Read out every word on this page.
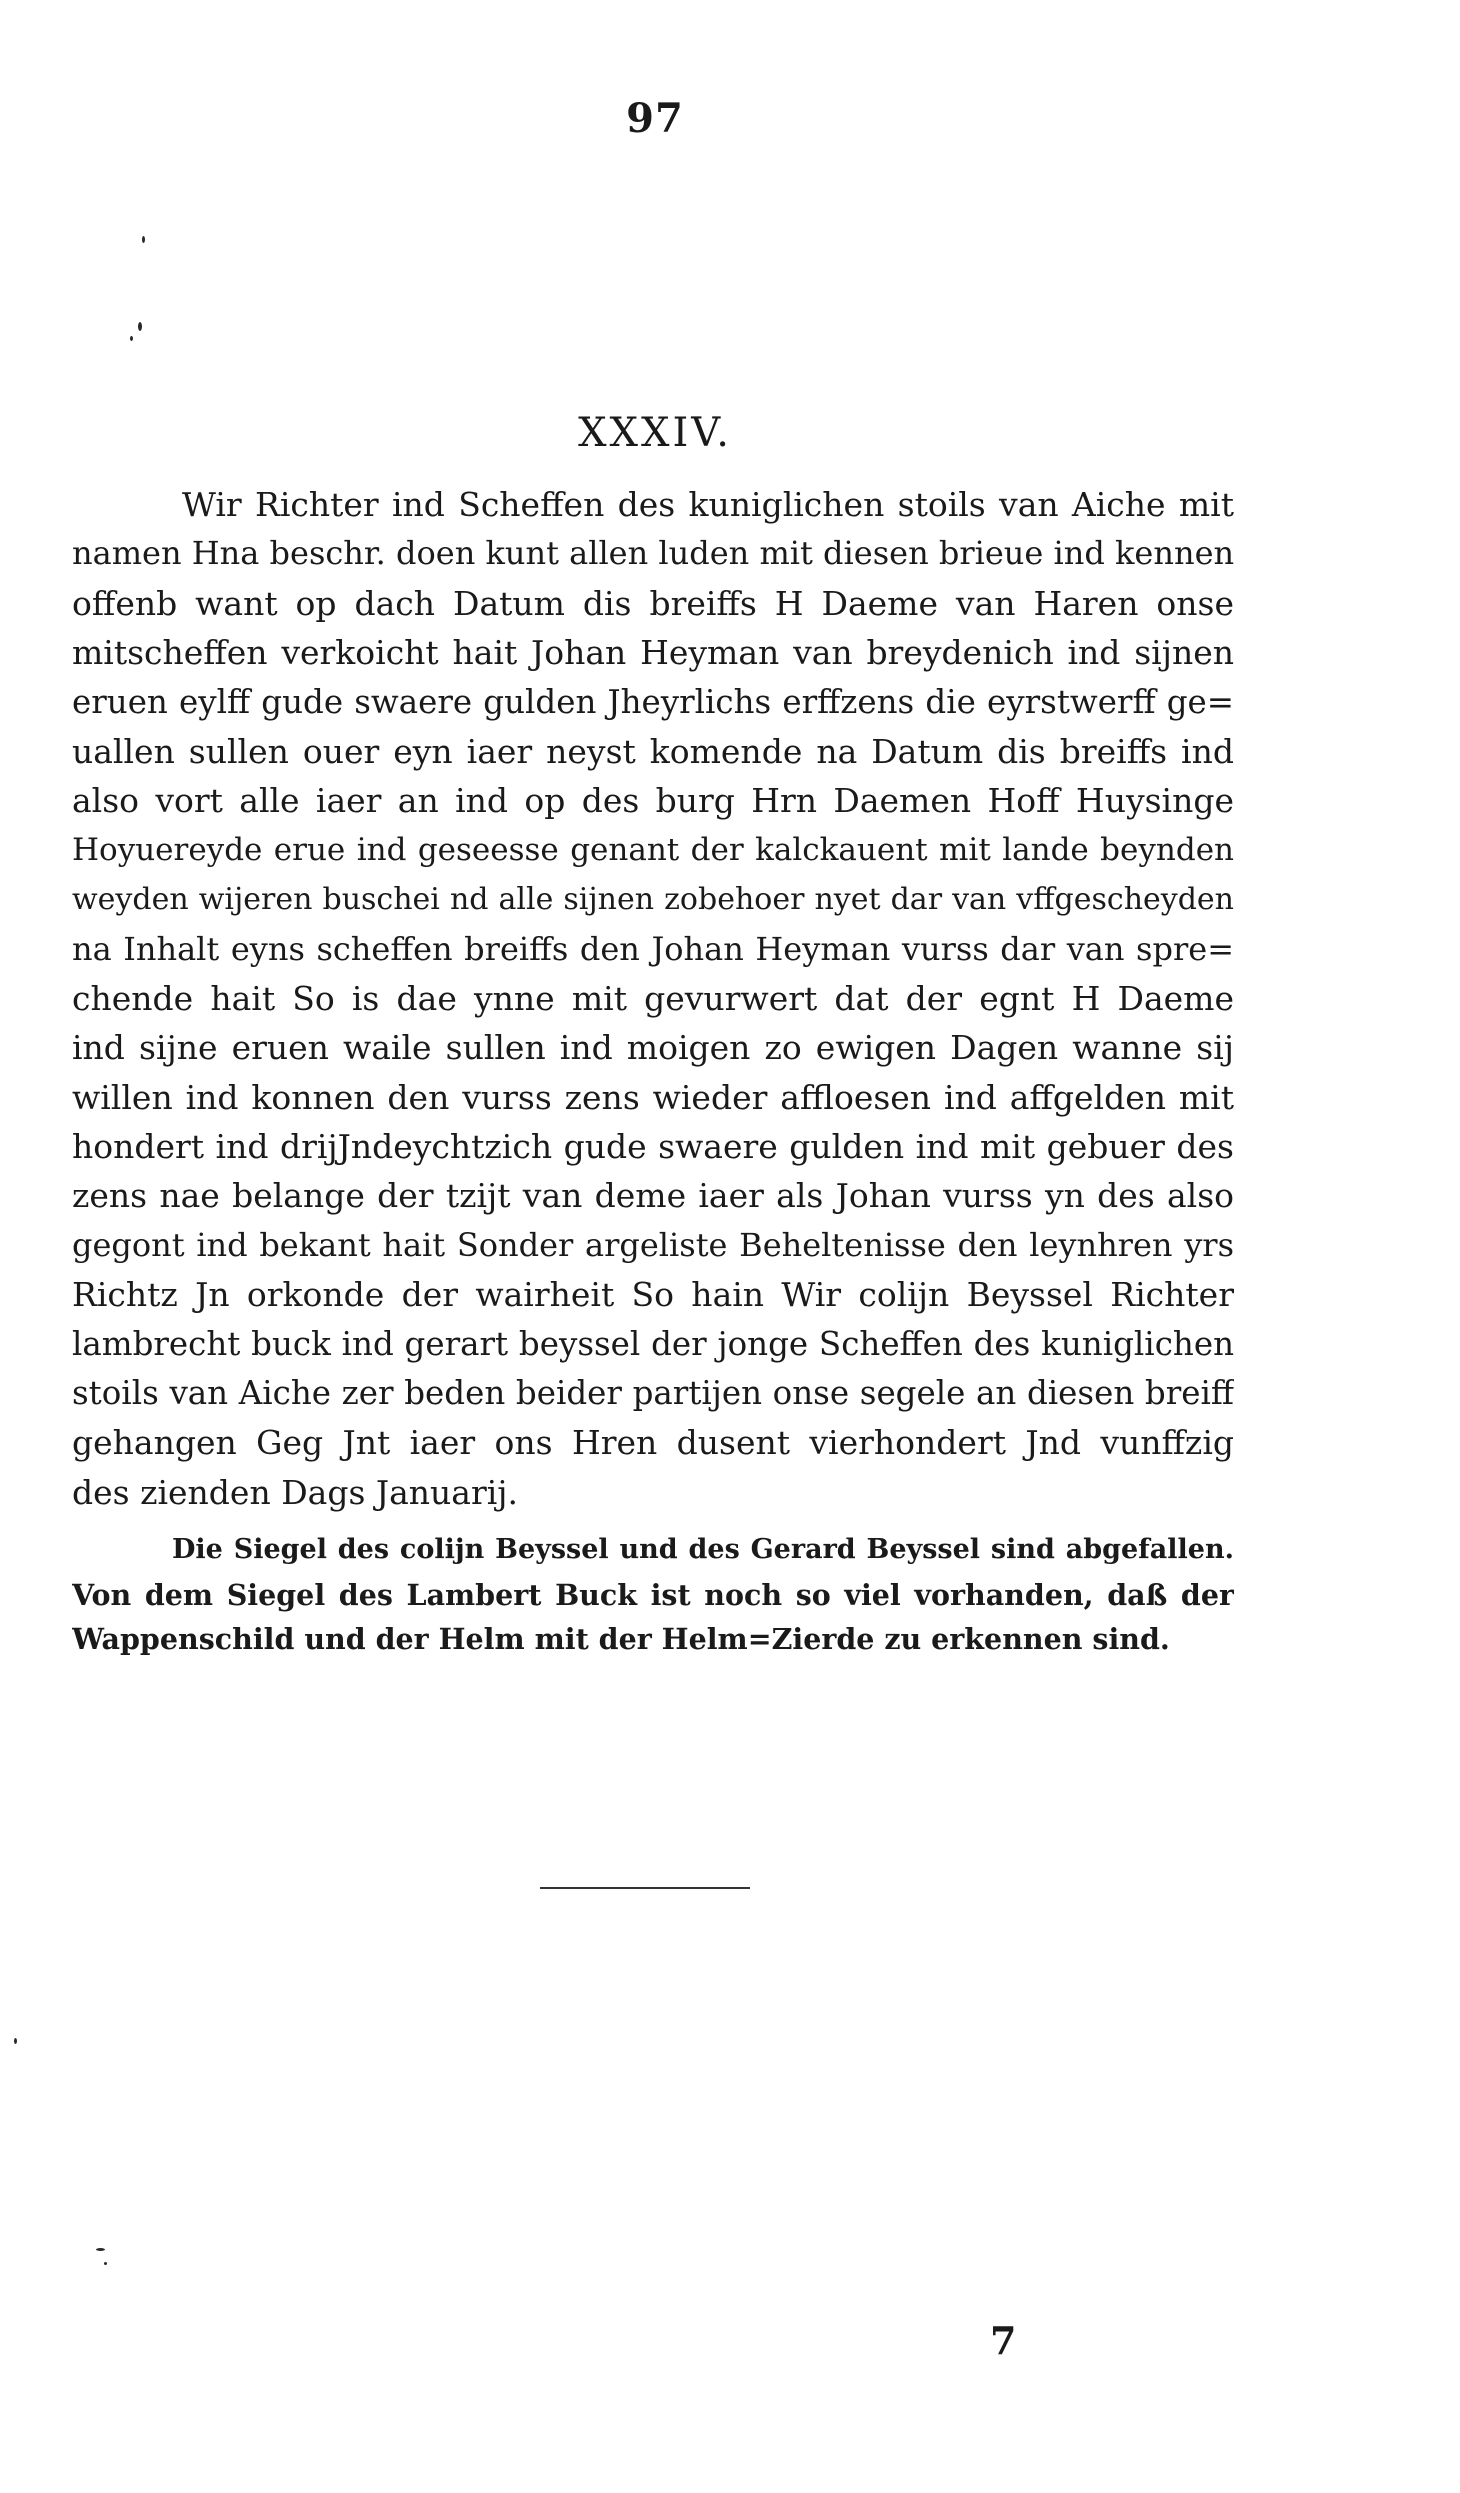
97
XXXIV.
Wir Richter ind Scheffen des kuniglichen stoils van Aiche mit
namen Hna beschr. doen kunt allen luden mit diesen brieue ind kennen
offenb want op dach Datum dis breiffs H Daeme van Haren onse
mitscheffen verkoicht hait Johan Heyman van breydenich ind sijnen
eruen eylff gude swaere gulden Jheyrlichs erffzens die eyrstwerff ge=
uallen sullen ouer eyn iaer neyst komende na Datum dis breiffs ind
also vort alle iaer an ind op des burg Hrn Daemen Hoff Huysinge
Hoyuereyde erue ind geseesse genant der kalckauent mit lande beynden
weyden wijeren buschei nd alle sijnen zobehoer nyet dar van vffgescheyden
na Inhalt eyns scheffen breiffs den Johan Heyman vurss dar van spre=
chende hait So is dae ynne mit gevurwert dat der egnt H Daeme
ind sijne eruen waile sullen ind moigen zo ewigen Dagen wanne sij
willen ind konnen den vurss zens wieder affloesen ind affgelden mit
hondert ind drijJndeychtzich gude swaere gulden ind mit gebuer des
zens nae belange der tzijt van deme iaer als Johan vurss yn des also
gegont ind bekant hait Sonder argeliste Beheltenisse den leynhren yrs
Richtz Jn orkonde der wairheit So hain Wir colijn Beyssel Richter
lambrecht buck ind gerart beyssel der jonge Scheffen des kuniglichen
stoils van Aiche zer beden beider partijen onse segele an diesen breiff
gehangen Geg Jnt iaer ons Hren dusent vierhondert Jnd vunffzig
des zienden Dags Januarij.
Die Siegel des colijn Beyssel und des Gerard Beyssel sind abgefallen.
Von dem Siegel des Lambert Buck ist noch so viel vorhanden, daß der
Wappenschild und der Helm mit der Helm=Zierde zu erkennen sind.
7
